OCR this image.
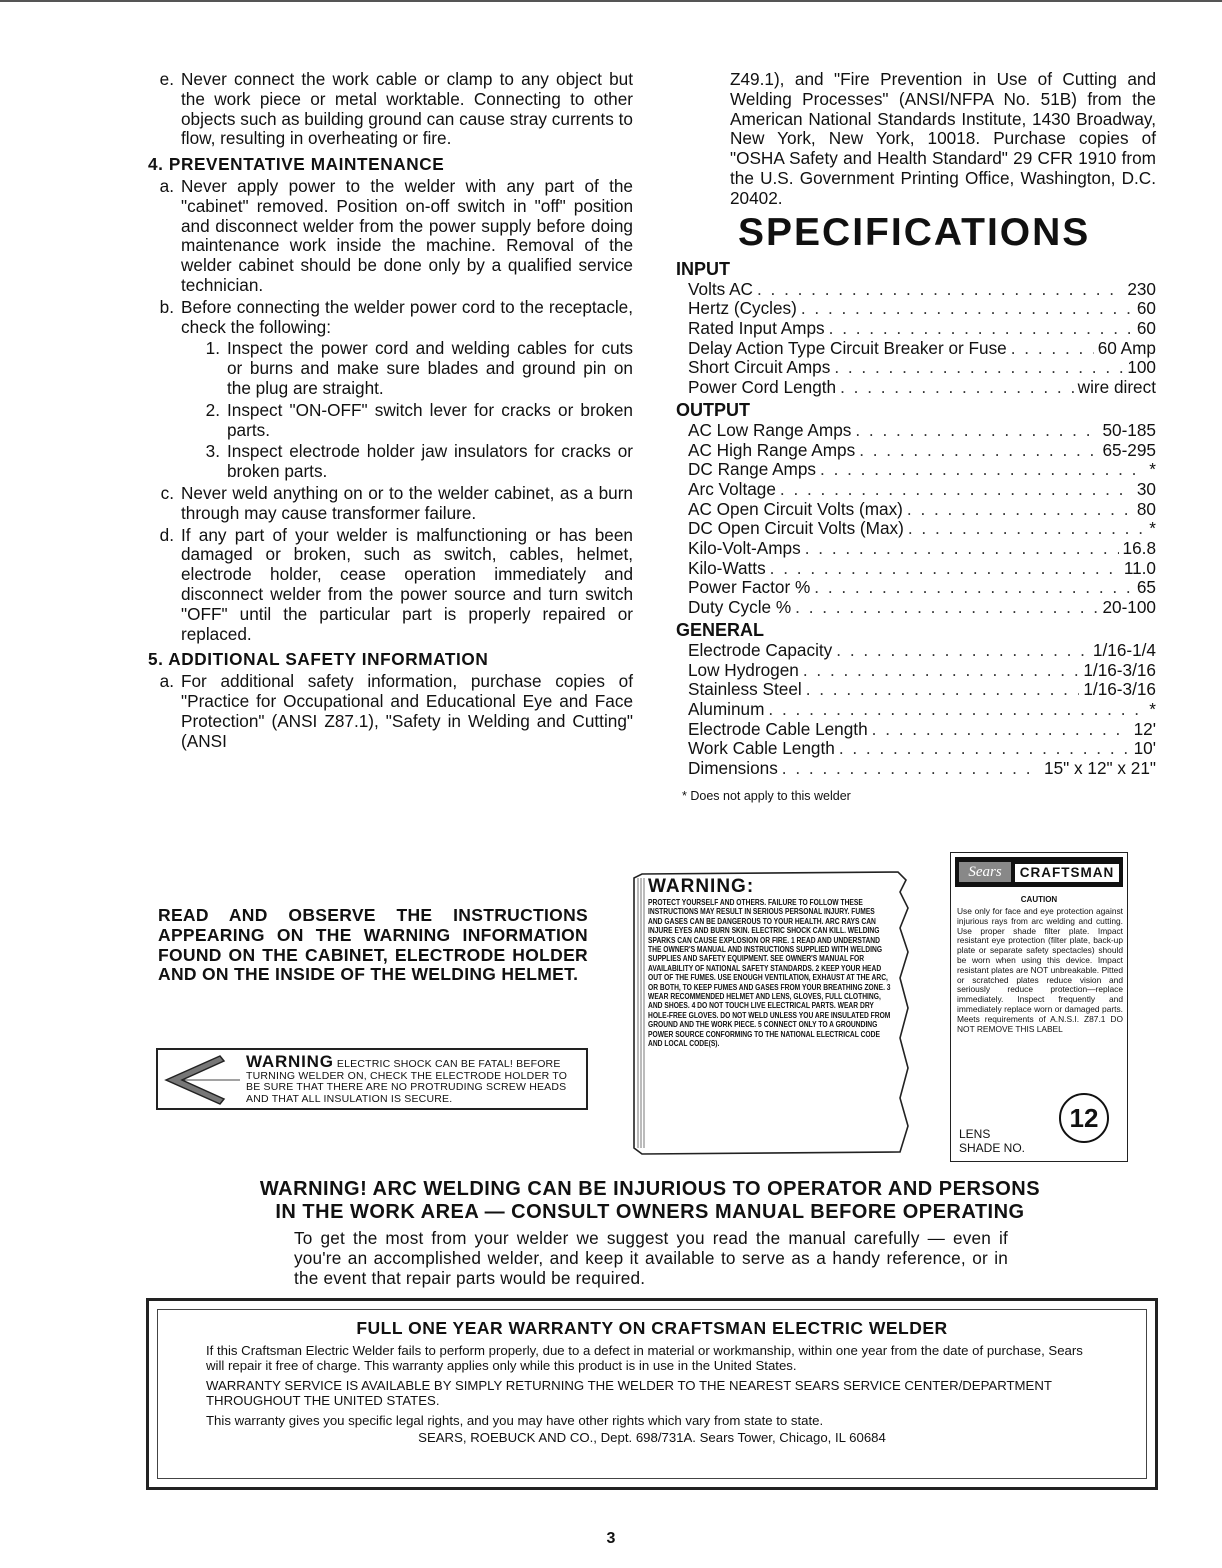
e. Never connect the work cable or clamp to any object but the work piece or metal worktable. Connecting to other objects such as building ground can cause stray currents to flow, resulting in overheating or fire.
4. PREVENTATIVE MAINTENANCE
a. Never apply power to the welder with any part of the "cabinet" removed. Position on-off switch in "off" position and disconnect welder from the power supply before doing maintenance work inside the machine. Removal of the welder cabinet should be done only by a qualified service technician.
b. Before connecting the welder power cord to the receptacle, check the following:
1. Inspect the power cord and welding cables for cuts or burns and make sure blades and ground pin on the plug are straight.
2. Inspect "ON-OFF" switch lever for cracks or broken parts.
3. Inspect electrode holder jaw insulators for cracks or broken parts.
c. Never weld anything on or to the welder cabinet, as a burn through may cause transformer failure.
d. If any part of your welder is malfunctioning or has been damaged or broken, such as switch, cables, helmet, electrode holder, cease operation immediately and disconnect welder from the power source and turn switch "OFF" until the particular part is properly repaired or replaced.
5. ADDITIONAL SAFETY INFORMATION
a. For additional safety information, purchase copies of "Practice for Occupational and Educational Eye and Face Protection" (ANSI Z87.1), "Safety in Welding and Cutting" (ANSI
Z49.1), and "Fire Prevention in Use of Cutting and Welding Processes" (ANSI/NFPA No. 51B) from the American National Standards Institute, 1430 Broadway, New York, New York, 10018. Purchase copies of "OSHA Safety and Health Standard" 29 CFR 1910 from the U.S. Government Printing Office, Washington, D.C. 20402.
SPECIFICATIONS
INPUT
Volts AC . . .	230
Hertz (Cycles) . . .	60
Rated Input Amps . . .	60
Delay Action Type Circuit Breaker or Fuse . . .	60 Amp
Short Circuit Amps . . .	100
Power Cord Length . . .	wire direct
OUTPUT
AC Low Range Amps . . .	50-185
AC High Range Amps . . .	65-295
DC Range Amps . . .	*
Arc Voltage . . .	30
AC Open Circuit Volts (max) . . .	80
DC Open Circuit Volts (Max) . . .	*
Kilo-Volt-Amps . . .	16.8
Kilo-Watts . . .	11.0
Power Factor % . . .	65
Duty Cycle % . . .	20-100
GENERAL
Electrode Capacity . . .	1/16-1/4
Low Hydrogen . . .	1/16-3/16
Stainless Steel . . .	1/16-3/16
Aluminum . . .	*
Electrode Cable Length . . .	12'
Work Cable Length . . .	10'
Dimensions . . .	15" x 12" x 21"
* Does not apply to this welder
READ AND OBSERVE THE INSTRUCTIONS APPEARING ON THE WARNING INFORMATION FOUND ON THE CABINET, ELECTRODE HOLDER AND ON THE INSIDE OF THE WELDING HELMET.
WARNING ELECTRIC SHOCK CAN BE FATAL! BEFORE TURNING WELDER ON, CHECK THE ELECTRODE HOLDER TO BE SURE THAT THERE ARE NO PROTRUDING SCREW HEADS AND THAT ALL INSULATION IS SECURE.
WARNING:
PROTECT YOURSELF AND OTHERS. FAILURE TO FOLLOW THESE INSTRUCTIONS MAY RESULT IN SERIOUS PERSONAL INJURY. FUMES AND GASES CAN BE DANGEROUS TO YOUR HEALTH. ARC RAYS CAN INJURE EYES AND BURN SKIN. ELECTRIC SHOCK CAN KILL. WELDING SPARKS CAN CAUSE EXPLOSION OR FIRE. 1 READ AND UNDERSTAND THE OWNER'S MANUAL AND INSTRUCTIONS SUPPLIED WITH WELDING SUPPLIES AND SAFETY EQUIPMENT. SEE OWNER'S MANUAL FOR AVAILABILITY OF NATIONAL SAFETY STANDARDS. 2 KEEP YOUR HEAD OUT OF THE FUMES. USE ENOUGH VENTILATION, EXHAUST AT THE ARC, OR BOTH, TO KEEP FUMES AND GASES FROM YOUR BREATHING ZONE. 3 WEAR RECOMMENDED HELMET AND LENS, GLOVES, FULL CLOTHING, AND SHOES. 4 DO NOT TOUCH LIVE ELECTRICAL PARTS. WEAR DRY HOLE-FREE GLOVES. DO NOT WELD UNLESS YOU ARE INSULATED FROM GROUND AND THE WORK PIECE. 5 CONNECT ONLY TO A GROUNDING POWER SOURCE CONFORMING TO THE NATIONAL ELECTRICAL CODE AND LOCAL CODE(S).
Sears	CRAFTSMAN
CAUTION
Use only for face and eye protection against injurious rays from arc welding and cutting. Use proper shade filter plate. Impact resistant eye protection (filter plate, back-up plate or separate safety spectacles) should be worn when using this device. Impact resistant plates are NOT unbreakable. Pitted or scratched plates reduce vision and seriously reduce protection—replace immediately. Inspect frequently and immediately replace worn or damaged parts. Meets requirements of A.N.S.I. Z87.1 DO NOT REMOVE THIS LABEL
LENS
SHADE NO.
12
WARNING! ARC WELDING CAN BE INJURIOUS TO OPERATOR AND PERSONS
IN THE WORK AREA — CONSULT OWNERS MANUAL BEFORE OPERATING
To get the most from your welder we suggest you read the manual carefully — even if you're an accomplished welder, and keep it available to serve as a handy reference, or in the event that repair parts would be required.
FULL ONE YEAR WARRANTY ON CRAFTSMAN ELECTRIC WELDER
If this Craftsman Electric Welder fails to perform properly, due to a defect in material or workmanship, within one year from the date of purchase, Sears will repair it free of charge. This warranty applies only while this product is in use in the United States.
WARRANTY SERVICE IS AVAILABLE BY SIMPLY RETURNING THE WELDER TO THE NEAREST SEARS SERVICE CENTER/DEPARTMENT THROUGHOUT THE UNITED STATES.
This warranty gives you specific legal rights, and you may have other rights which vary from state to state.
SEARS, ROEBUCK AND CO., Dept. 698/731A. Sears Tower, Chicago, IL 60684
3
